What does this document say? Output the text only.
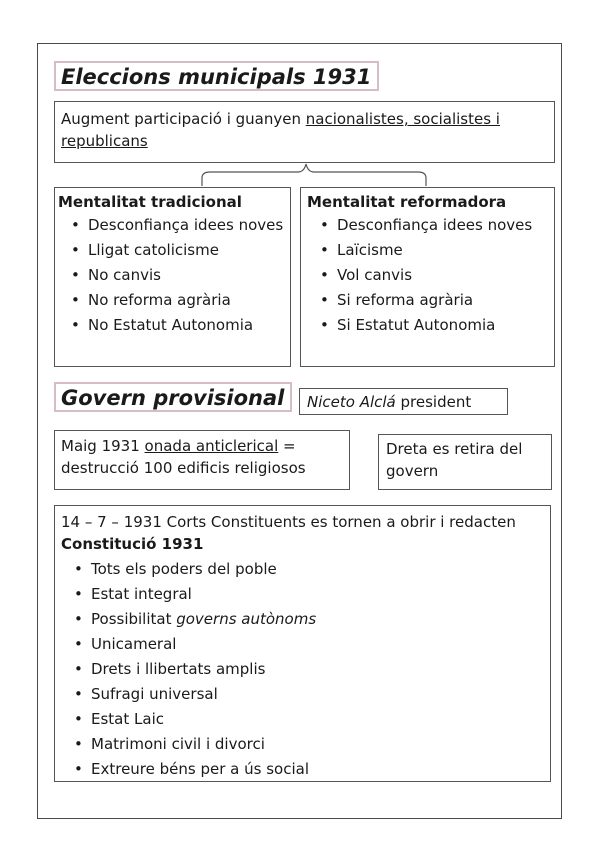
Eleccions municipals 1931
Augment participació i guanyen nacionalistes, socialistes i republicans
Mentalitat tradicional
• Desconfiança idees noves
• Lligat catolicisme
• No canvis
• No reforma agrària
• No Estatut Autonomia
Mentalitat reformadora
• Desconfiança idees noves
• Laïcisme
• Vol canvis
• Si reforma agrària
• Si Estatut Autonomia
Govern provisional	Niceto Alclá president
Maig 1931 onada anticlerical = destrucció 100 edificis religiosos
Dreta es retira del govern
14 – 7 – 1931 Corts Constituents es tornen a obrir i redacten Constitució 1931
• Tots els poders del poble
• Estat integral
• Possibilitat governs autònoms
• Unicameral
• Drets i llibertats amplis
• Sufragi universal
• Estat Laic
• Matrimoni civil i divorci
• Extreure béns per a ús social
